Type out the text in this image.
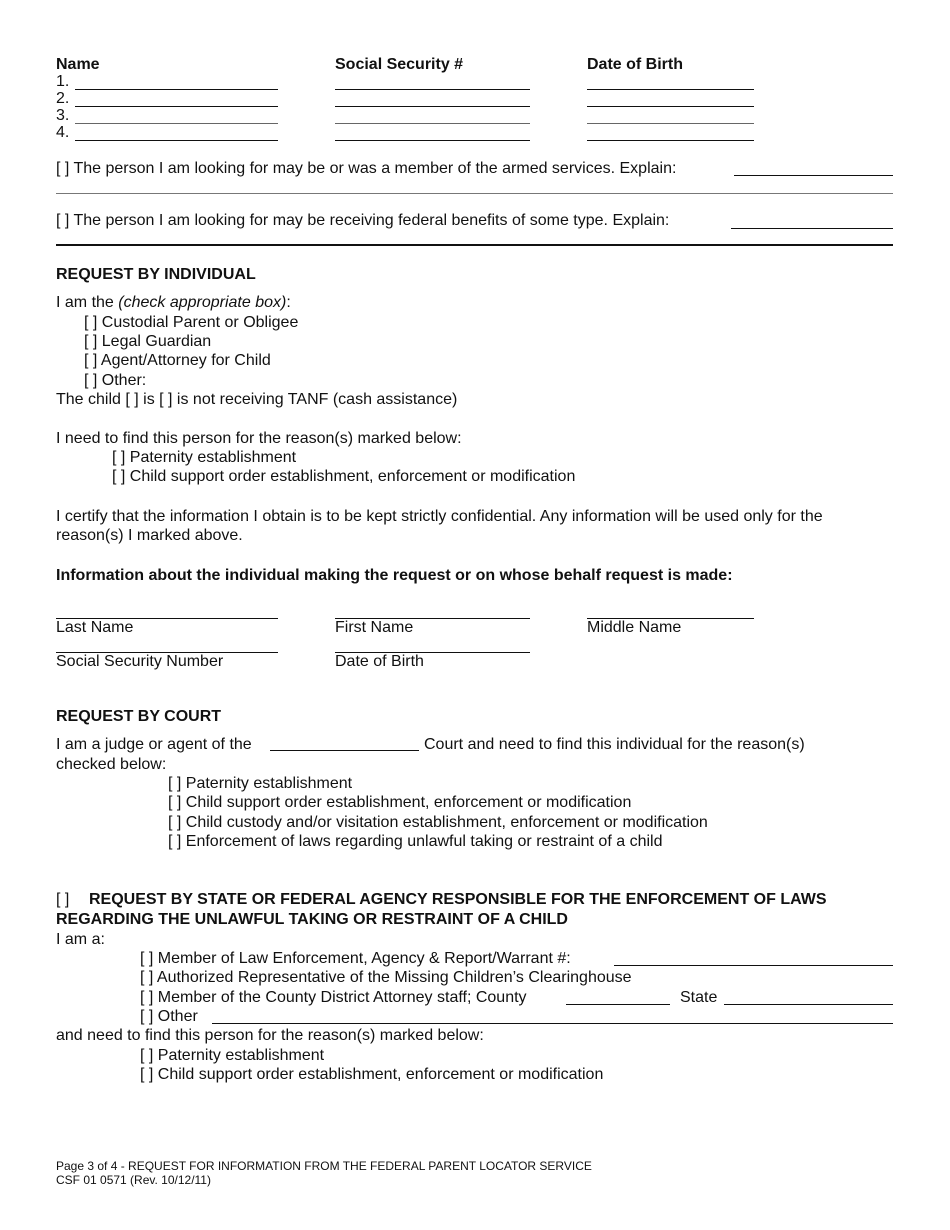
Name	Social Security #	Date of Birth
1.
2.
3.
4.
[ ] The person I am looking for may be or was a member of the armed services. Explain:
[ ] The person I am looking for may be receiving federal benefits of some type. Explain:
REQUEST BY INDIVIDUAL
I am the (check appropriate box):
[ ] Custodial Parent or Obligee
[ ] Legal Guardian
[ ] Agent/Attorney for Child
[ ] Other:
The child [ ] is [ ] is not receiving TANF (cash assistance)
I need to find this person for the reason(s) marked below:
[ ] Paternity establishment
[ ] Child support order establishment, enforcement or modification
I certify that the information I obtain is to be kept strictly confidential. Any information will be used only for the
reason(s) I marked above.
Information about the individual making the request or on whose behalf request is made:
Last Name	First Name	Middle Name
Social Security Number	Date of Birth
REQUEST BY COURT
I am a judge or agent of the	Court and need to find this individual for the reason(s)
checked below:
[ ] Paternity establishment
[ ] Child support order establishment, enforcement or modification
[ ] Child custody and/or visitation establishment, enforcement or modification
[ ] Enforcement of laws regarding unlawful taking or restraint of a child
[ ] REQUEST BY STATE OR FEDERAL AGENCY RESPONSIBLE FOR THE ENFORCEMENT OF LAWS
REGARDING THE UNLAWFUL TAKING OR RESTRAINT OF A CHILD
I am a:
[ ] Member of Law Enforcement, Agency & Report/Warrant #:
[ ] Authorized Representative of the Missing Children’s Clearinghouse
[ ] Member of the County District Attorney staff; County	State
[ ] Other
and need to find this person for the reason(s) marked below:
[ ] Paternity establishment
[ ] Child support order establishment, enforcement or modification
Page 3 of 4 - REQUEST FOR INFORMATION FROM THE FEDERAL PARENT LOCATOR SERVICE
CSF 01 0571 (Rev. 10/12/11)
